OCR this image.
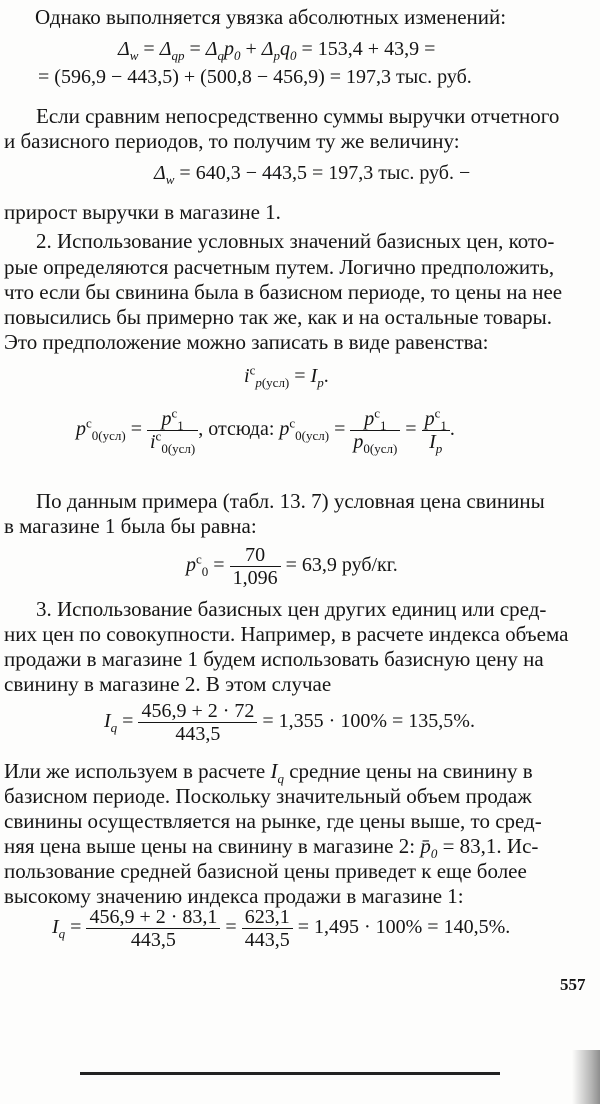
Однако выполняется увязка абсолютных изменений:
$\Delta_w = \Delta_{qp} = \Delta_qp_0 + \Delta_pq_0 = 153,4 + 43,9$ =
= (596,9 − 443,5) + (500,8 − 456,9) = 197,3 тыс. руб.
Если сравним непосредственно суммы выручки отчетного
и базисного периодов, то получим ту же величину:
$\Delta_w = 640,3 - 443,5 = 197,3$ тыс. руб. −
прирост выручки в магазине 1.
2. Использование условных значений базисных цен, кото-
рые определяются расчетным путем. Логично предположить,
что если бы свинина была в базисном периоде, то цены на нее
повысились бы примерно так же, как и на остальные товары.
Это предположение можно записать в виде равенства:
$i^c_{p(усл)} = I_p$.
$p^c_{0(усл)} = \frac{p^c_1}{i^c_{0(усл)}}$ , отсюда: $p^c_{0(усл)} = \frac{p^c_1}{p_{0(усл)}} = \frac{p^c_1}{I_p}$ .
По данным примера (табл. 13. 7) условная цена свинины
в магазине 1 была бы равна:
$p^c_0 = \frac{70}{1,096} = 63,9$ руб/кг.
3. Использование базисных цен других единиц или сред-
них цен по совокупности. Например, в расчете индекса объема
продажи в магазине 1 будем использовать базисную цену на
свинину в магазине 2. В этом случае
$I_q = \frac{456,9 + 2 \cdot 72}{443,5} = 1,355 \cdot 100\% = 135,5\%$.
Или же используем в расчете $I_q$ средние цены на свинину в
базисном периоде. Поскольку значительный объем продаж
свинины осуществляется на рынке, где цены выше, то сред-
няя цена выше цены на свинину в магазине 2: $p̄_0 = 83,1$. Ис-
пользование средней базисной цены приведет к еще более
высокому значению индекса продажи в магазине 1:
$I_q = \frac{456,9 + 2 \cdot 83,1}{443,5} = \frac{623,1}{443,5} = 1,495 \cdot 100\% = 140,5\%$.
557
